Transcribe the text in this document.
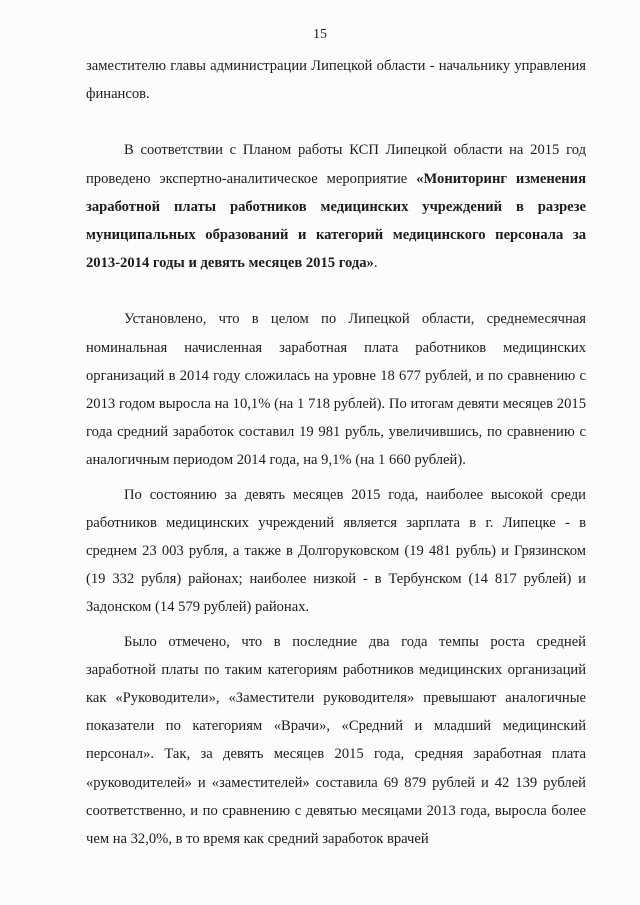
15

заместителю главы администрации Липецкой области - начальнику управления финансов.

В соответствии с Планом работы КСП Липецкой области на 2015 год проведено экспертно-аналитическое мероприятие «Мониторинг изменения заработной платы работников медицинских учреждений в разрезе муниципальных образований и категорий медицинского персонала за 2013-2014 годы и девять месяцев 2015 года».

Установлено, что в целом по Липецкой области, среднемесячная номинальная начисленная заработная плата работников медицинских организаций в 2014 году сложилась на уровне 18 677 рублей, и по сравнению с 2013 годом выросла на 10,1% (на 1 718 рублей). По итогам девяти месяцев 2015 года средний заработок составил 19 981 рубль, увеличившись, по сравнению с аналогичным периодом 2014 года, на 9,1% (на 1 660 рублей).

По состоянию за девять месяцев 2015 года, наиболее высокой среди работников медицинских учреждений является зарплата в г. Липецке - в среднем 23 003 рубля, а также в Долгоруковском (19 481 рубль) и Грязинском (19 332 рубля) районах; наиболее низкой - в Тербунском (14 817 рублей) и Задонском (14 579 рублей) районах.

Было отмечено, что в последние два года темпы роста средней заработной платы по таким категориям работников медицинских организаций как «Руководители», «Заместители руководителя» превышают аналогичные показатели по категориям «Врачи», «Средний и младший медицинский персонал». Так, за девять месяцев 2015 года, средняя заработная плата «руководителей» и «заместителей» составила 69 879 рублей и 42 139 рублей соответственно, и по сравнению с девятью месяцами 2013 года, выросла более чем на 32,0%, в то время как средний заработок врачей
